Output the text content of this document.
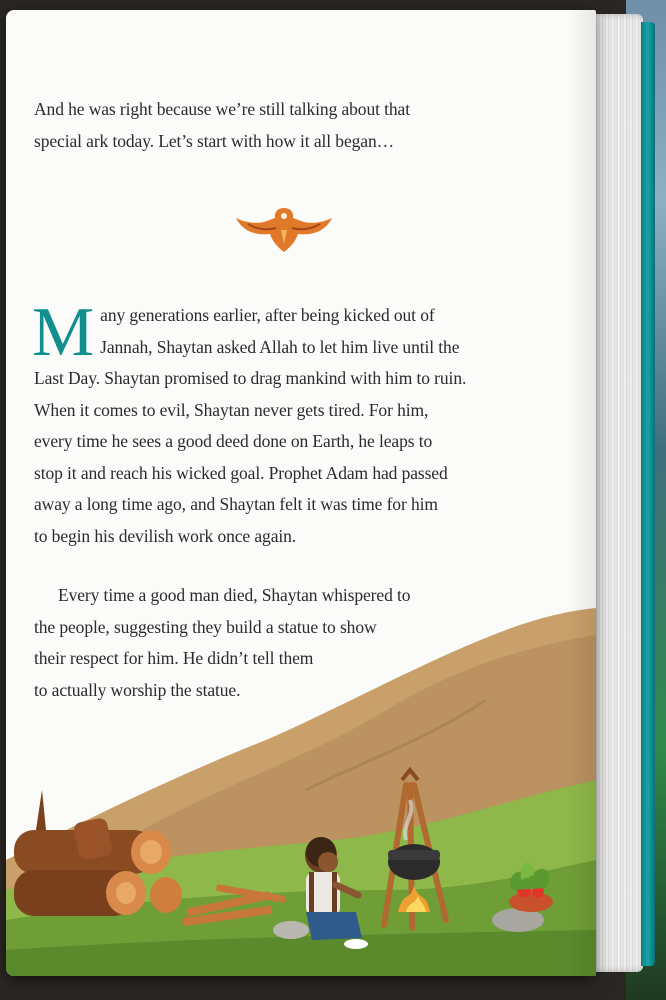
And he was right because we’re still talking about that
special ark today. Let’s start with how it all began…
M any generations earlier, after being kicked out of
Jannah, Shaytan asked Allah to let him live until the
Last Day. Shaytan promised to drag mankind with him to ruin.
When it comes to evil, Shaytan never gets tired. For him,
every time he sees a good deed done on Earth, he leaps to
stop it and reach his wicked goal. Prophet Adam had passed
away a long time ago, and Shaytan felt it was time for him
to begin his devilish work once again.
Every time a good man died, Shaytan whispered to
the people, suggesting they build a statue to show
their respect for him. He didn’t tell them
to actually worship the statue.
